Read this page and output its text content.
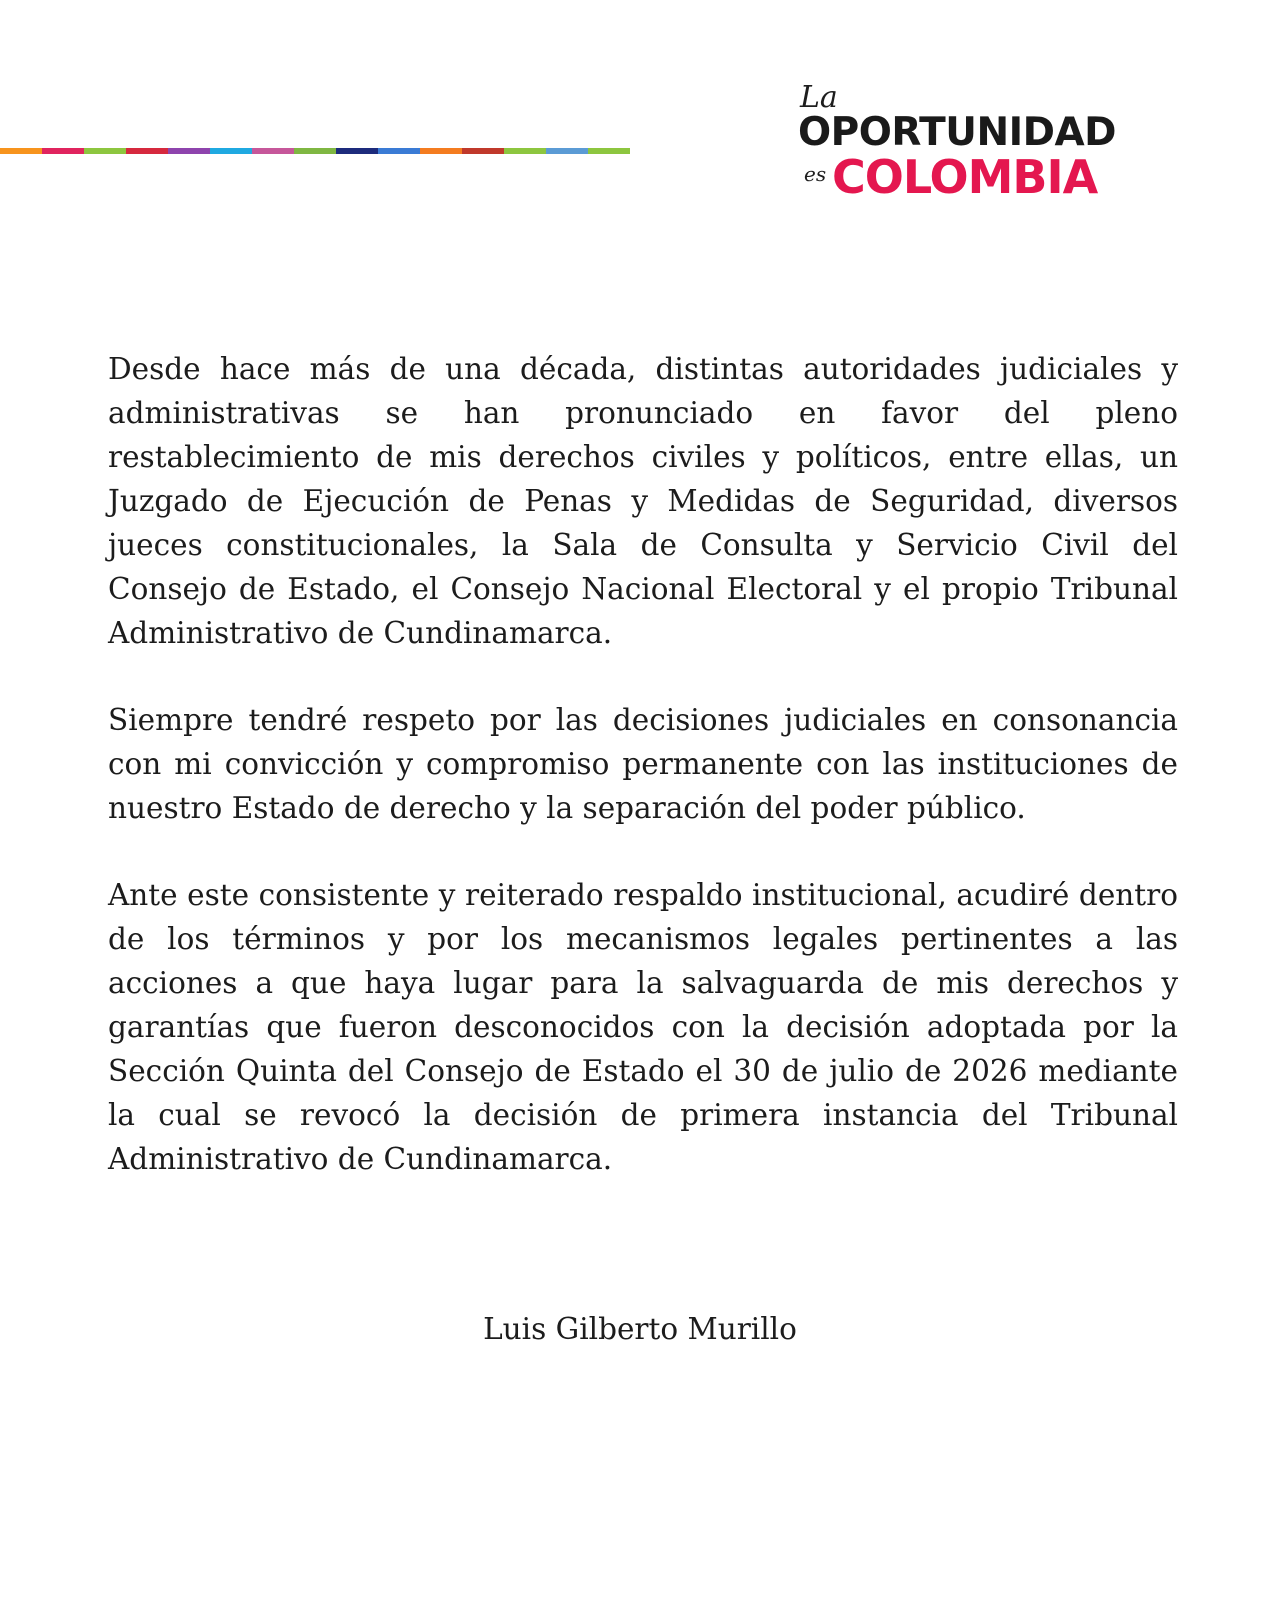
La
OPORTUNIDAD
es COLOMBIA

Desde hace más de una década, distintas autoridades judiciales y administrativas se han pronunciado en favor del pleno restablecimiento de mis derechos civiles y políticos, entre ellas, un Juzgado de Ejecución de Penas y Medidas de Seguridad, diversos jueces constitucionales, la Sala de Consulta y Servicio Civil del Consejo de Estado, el Consejo Nacional Electoral y el propio Tribunal Administrativo de Cundinamarca.

Siempre tendré respeto por las decisiones judiciales en consonancia con mi convicción y compromiso permanente con las instituciones de nuestro Estado de derecho y la separación del poder público.

Ante este consistente y reiterado respaldo institucional, acudiré dentro de los términos y por los mecanismos legales pertinentes a las acciones a que haya lugar para la salvaguarda de mis derechos y garantías que fueron desconocidos con la decisión adoptada por la Sección Quinta del Consejo de Estado el 30 de julio de 2026 mediante la cual se revocó la decisión de primera instancia del Tribunal Administrativo de Cundinamarca.

Luis Gilberto Murillo
